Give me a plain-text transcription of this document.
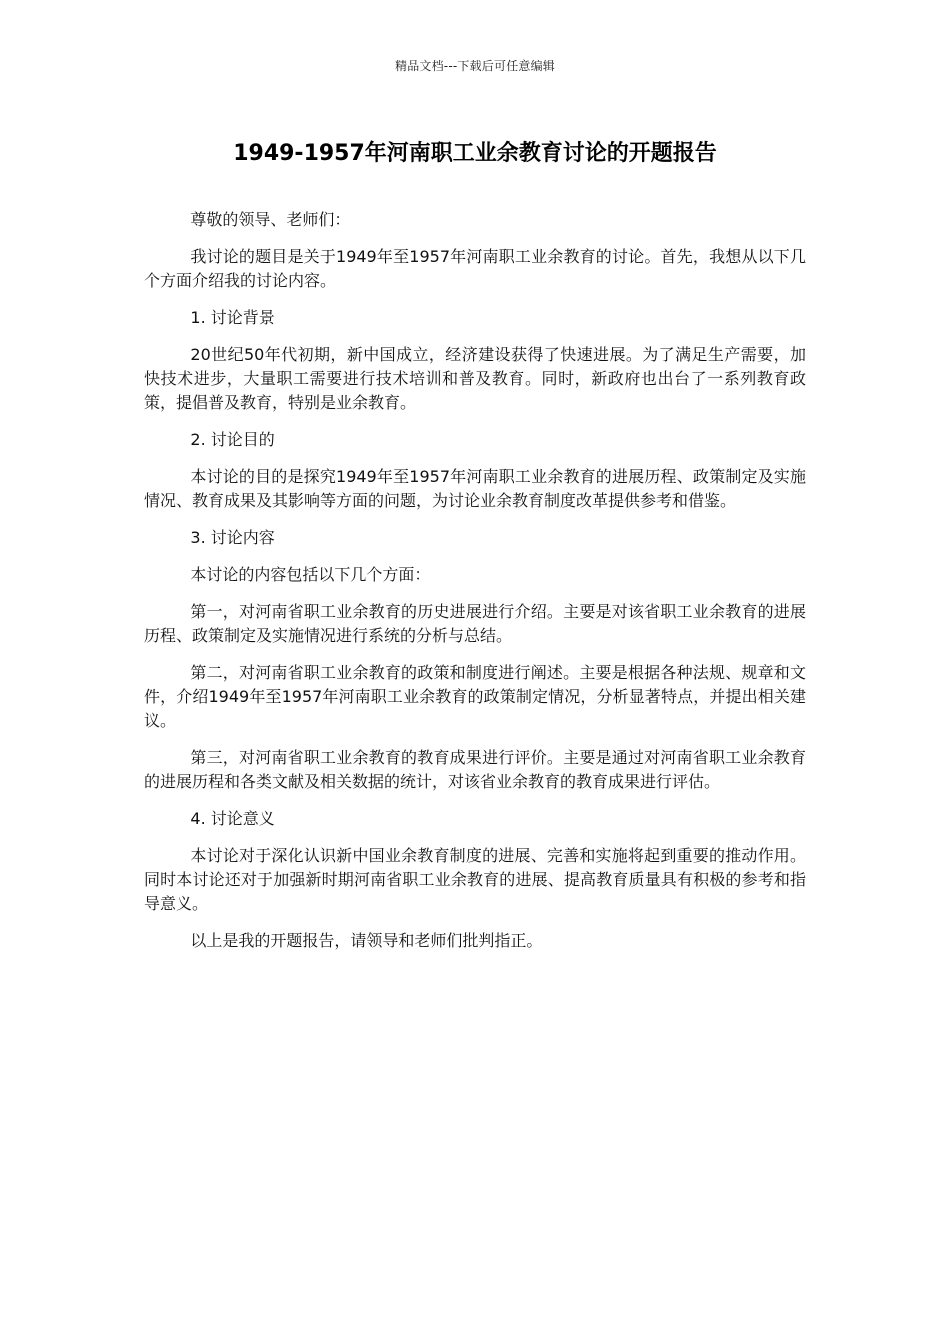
精品文档---下载后可任意编辑
1949-1957年河南职工业余教育讨论的开题报告

尊敬的领导、老师们：

我讨论的题目是关于1949年至1957年河南职工业余教育的讨论。首先，我想从以下几个方面介绍我的讨论内容。

1. 讨论背景

20世纪50年代初期，新中国成立，经济建设获得了快速进展。为了满足生产需要，加快技术进步，大量职工需要进行技术培训和普及教育。同时，新政府也出台了一系列教育政策，提倡普及教育，特别是业余教育。

2. 讨论目的

本讨论的目的是探究1949年至1957年河南职工业余教育的进展历程、政策制定及实施情况、教育成果及其影响等方面的问题，为讨论业余教育制度改革提供参考和借鉴。

3. 讨论内容

本讨论的内容包括以下几个方面：

第一，对河南省职工业余教育的历史进展进行介绍。主要是对该省职工业余教育的进展历程、政策制定及实施情况进行系统的分析与总结。

第二，对河南省职工业余教育的政策和制度进行阐述。主要是根据各种法规、规章和文件，介绍1949年至1957年河南职工业余教育的政策制定情况，分析显著特点，并提出相关建议。

第三，对河南省职工业余教育的教育成果进行评价。主要是通过对河南省职工业余教育的进展历程和各类文献及相关数据的统计，对该省业余教育的教育成果进行评估。

4. 讨论意义

本讨论对于深化认识新中国业余教育制度的进展、完善和实施将起到重要的推动作用。同时本讨论还对于加强新时期河南省职工业余教育的进展、提高教育质量具有积极的参考和指导意义。

以上是我的开题报告，请领导和老师们批判指正。
